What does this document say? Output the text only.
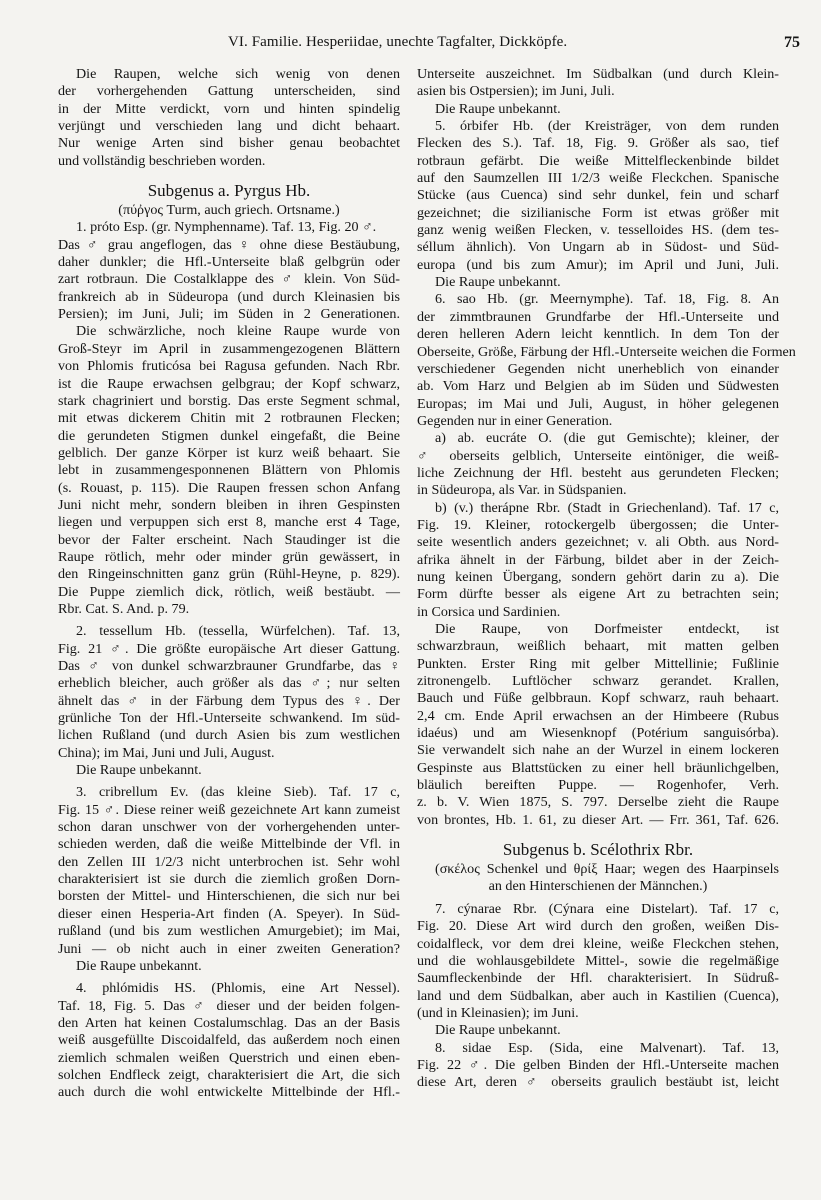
VI. Familie. Hesperiidae, unechte Tagfalter, Dickköpfe.	75
Die Raupen, welche sich wenig von denen
der vorhergehenden Gattung unterscheiden, sind
in der Mitte verdickt, vorn und hinten spindelig
verjüngt und verschieden lang und dicht behaart.
Nur wenige Arten sind bisher genau beobachtet
und vollständig beschrieben worden.
Subgenus a. Pyrgus Hb.
(πύῤγος Turm, auch griech. Ortsname.)
1. próto Esp. (gr. Nymphenname). Taf. 13, Fig. 20 ♂.
Das ♂ grau angeflogen, das ♀ ohne diese Bestäubung,
daher dunkler; die Hfl.-Unterseite blaß gelbgrün oder
zart rotbraun. Die Costalklappe des ♂ klein. Von Süd-
frankreich ab in Südeuropa (und durch Kleinasien bis
Persien); im Juni, Juli; im Süden in 2 Generationen.
Die schwärzliche, noch kleine Raupe wurde von
Groß-Steyr im April in zusammengezogenen Blättern
von Phlomis fruticósa bei Ragusa gefunden. Nach Rbr.
ist die Raupe erwachsen gelbgrau; der Kopf schwarz,
stark chagriniert und borstig. Das erste Segment schmal,
mit etwas dickerem Chitin mit 2 rotbraunen Flecken;
die gerundeten Stigmen dunkel eingefaßt, die Beine
gelblich. Der ganze Körper ist kurz weiß behaart. Sie
lebt in zusammengesponnenen Blättern von Phlomis
(s. Rouast, p. 115). Die Raupen fressen schon Anfang
Juni nicht mehr, sondern bleiben in ihren Gespinsten
liegen und verpuppen sich erst 8, manche erst 4 Tage,
bevor der Falter erscheint. Nach Staudinger ist die
Raupe rötlich, mehr oder minder grün gewässert, in
den Ringeinschnitten ganz grün (Rühl-Heyne, p. 829).
Die Puppe ziemlich dick, rötlich, weiß bestäubt. —
Rbr. Cat. S. And. p. 79.
2. tessellum Hb. (tessella, Würfelchen). Taf. 13,
Fig. 21 ♂. Die größte europäische Art dieser Gattung.
Das ♂ von dunkel schwarzbrauner Grundfarbe, das ♀
erheblich bleicher, auch größer als das ♂; nur selten
ähnelt das ♂ in der Färbung dem Typus des ♀. Der
grünliche Ton der Hfl.-Unterseite schwankend. Im süd-
lichen Rußland (und durch Asien bis zum westlichen
China); im Mai, Juni und Juli, August.
Die Raupe unbekannt.
3. cribrellum Ev. (das kleine Sieb). Taf. 17 c,
Fig. 15 ♂. Diese reiner weiß gezeichnete Art kann zumeist
schon daran unschwer von der vorhergehenden unter-
schieden werden, daß die weiße Mittelbinde der Vfl. in
den Zellen III 1/2/3 nicht unterbrochen ist. Sehr wohl
charakterisiert ist sie durch die ziemlich großen Dorn-
borsten der Mittel- und Hinterschienen, die sich nur bei
dieser einen Hesperia-Art finden (A. Speyer). In Süd-
rußland (und bis zum westlichen Amurgebiet); im Mai,
Juni — ob nicht auch in einer zweiten Generation?
Die Raupe unbekannt.
4. phlómidis HS. (Phlomis, eine Art Nessel).
Taf. 18, Fig. 5. Das ♂ dieser und der beiden folgen-
den Arten hat keinen Costalumschlag. Das an der Basis
weiß ausgefüllte Discoidalfeld, das außerdem noch einen
ziemlich schmalen weißen Querstrich und einen eben-
solchen Endfleck zeigt, charakterisiert die Art, die sich
auch durch die wohl entwickelte Mittelbinde der Hfl.-
Unterseite auszeichnet. Im Südbalkan (und durch Klein-
asien bis Ostpersien); im Juni, Juli.
Die Raupe unbekannt.
5. órbifer Hb. (der Kreisträger, von dem runden
Flecken des S.). Taf. 18, Fig. 9. Größer als sao, tief
rotbraun gefärbt. Die weiße Mittelfleckenbinde bildet
auf den Saumzellen III 1/2/3 weiße Fleckchen. Spanische
Stücke (aus Cuenca) sind sehr dunkel, fein und scharf
gezeichnet; die sizilianische Form ist etwas größer mit
ganz wenig weißen Flecken, v. tesselloides HS. (dem tes-
séllum ähnlich). Von Ungarn ab in Südost- und Süd-
europa (und bis zum Amur); im April und Juni, Juli.
Die Raupe unbekannt.
6. sao Hb. (gr. Meernymphe). Taf. 18, Fig. 8. An
der zimmtbraunen Grundfarbe der Hfl.-Unterseite und
deren helleren Adern leicht kenntlich. In dem Ton der
Oberseite, Größe, Färbung der Hfl.-Unterseite weichen die Formen
verschiedener Gegenden nicht unerheblich von einander
ab. Vom Harz und Belgien ab im Süden und Südwesten
Europas; im Mai und Juli, August, in höher gelegenen
Gegenden nur in einer Generation.
a) ab. eucráte O. (die gut Gemischte); kleiner, der
♂ oberseits gelblich, Unterseite eintöniger, die weiß-
liche Zeichnung der Hfl. besteht aus gerundeten Flecken;
in Südeuropa, als Var. in Südspanien.
b) (v.) therápne Rbr. (Stadt in Griechenland). Taf. 17 c,
Fig. 19. Kleiner, rotockergelb übergossen; die Unter-
seite wesentlich anders gezeichnet; v. ali Obth. aus Nord-
afrika ähnelt in der Färbung, bildet aber in der Zeich-
nung keinen Übergang, sondern gehört darin zu a). Die
Form dürfte besser als eigene Art zu betrachten sein;
in Corsica und Sardinien.
Die Raupe, von Dorfmeister entdeckt, ist
schwarzbraun, weißlich behaart, mit matten gelben
Punkten. Erster Ring mit gelber Mittellinie; Fußlinie
zitronengelb. Luftlöcher schwarz gerandet. Krallen,
Bauch und Füße gelbbraun. Kopf schwarz, rauh behaart.
2,4 cm. Ende April erwachsen an der Himbeere (Rubus
idaéus) und am Wiesenknopf (Potérium sanguisórba).
Sie verwandelt sich nahe an der Wurzel in einem lockeren
Gespinste aus Blattstücken zu einer hell bräunlichgelben,
bläulich bereiften Puppe. — Rogenhofer, Verh.
z. b. V. Wien 1875, S. 797. Derselbe zieht die Raupe
von brontes, Hb. 1. 61, zu dieser Art. — Frr. 361, Taf. 626.
Subgenus b. Scélothrix Rbr.
(σκέλος Schenkel und θρίξ Haar; wegen des Haarpinsels
an den Hinterschienen der Männchen.)
7. cýnarae Rbr. (Cýnara eine Distelart). Taf. 17 c,
Fig. 20. Diese Art wird durch den großen, weißen Dis-
coidalfleck, vor dem drei kleine, weiße Fleckchen stehen,
und die wohlausgebildete Mittel-, sowie die regelmäßige
Saumfleckenbinde der Hfl. charakterisiert. In Südruß-
land und dem Südbalkan, aber auch in Kastilien (Cuenca),
(und in Kleinasien); im Juni.
Die Raupe unbekannt.
8. sidae Esp. (Sida, eine Malvenart). Taf. 13,
Fig. 22 ♂. Die gelben Binden der Hfl.-Unterseite machen
diese Art, deren ♂ oberseits graulich bestäubt ist, leicht
